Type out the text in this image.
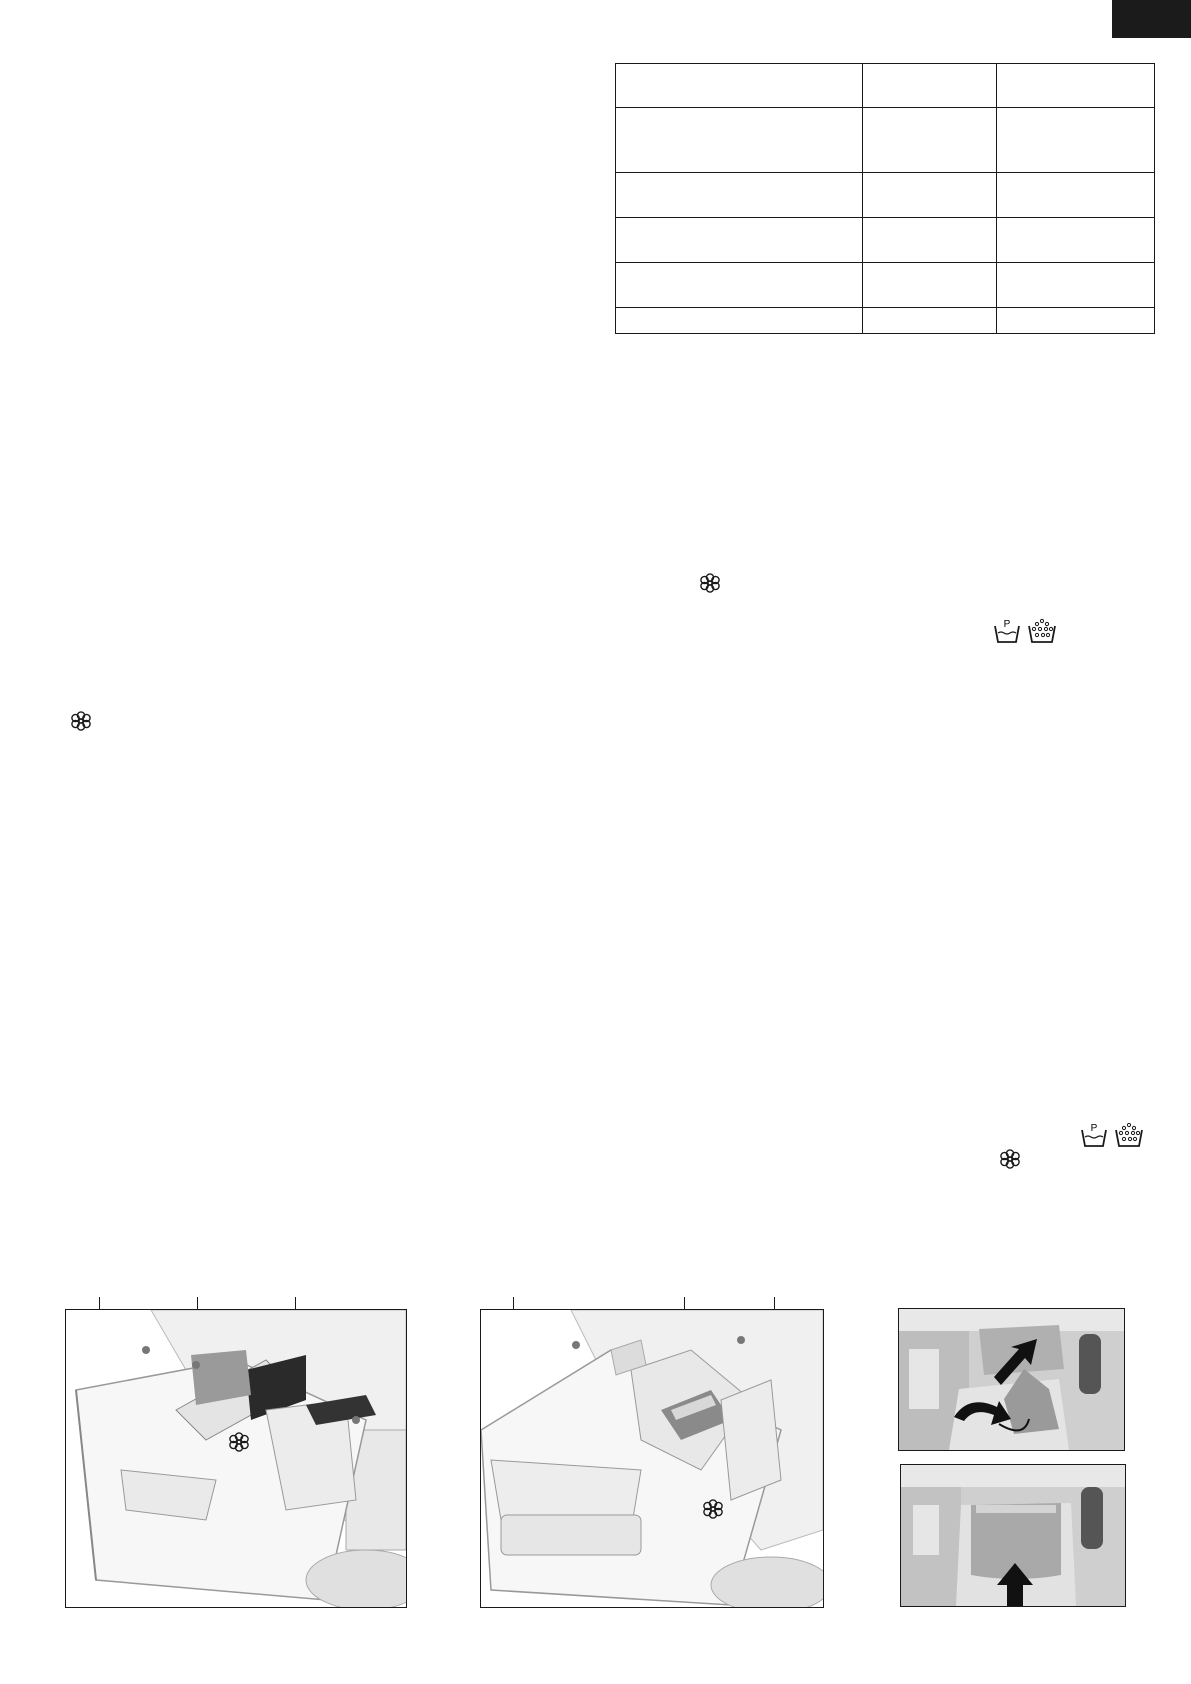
P
P
